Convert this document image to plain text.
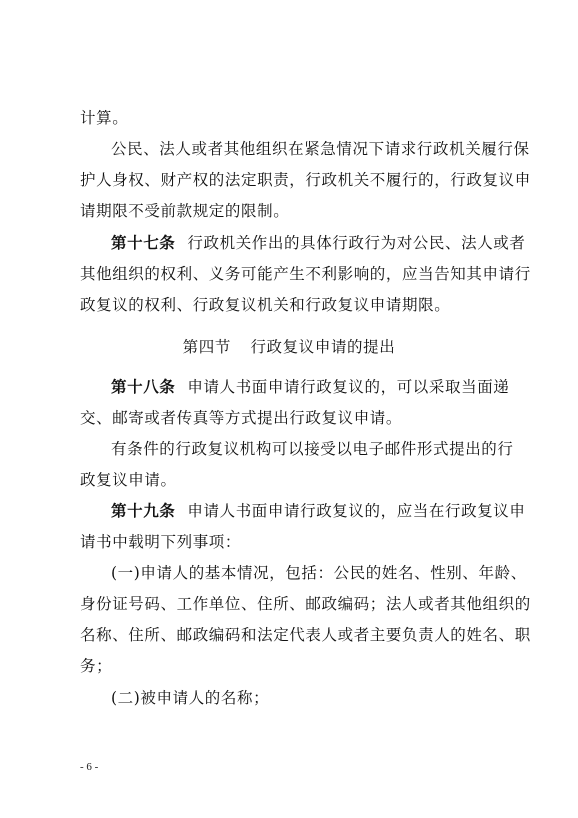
计算。
公民、法人或者其他组织在紧急情况下请求行政机关履行保
护人身权、财产权的法定职责，行政机关不履行的，行政复议申
请期限不受前款规定的限制。
第十七条 行政机关作出的具体行政行为对公民、法人或者
其他组织的权利、义务可能产生不利影响的，应当告知其申请行
政复议的权利、行政复议机关和行政复议申请期限。
第四节 行政复议申请的提出
第十八条 申请人书面申请行政复议的，可以采取当面递
交、邮寄或者传真等方式提出行政复议申请。
有条件的行政复议机构可以接受以电子邮件形式提出的行
政复议申请。
第十九条 申请人书面申请行政复议的，应当在行政复议申
请书中载明下列事项：
(一)申请人的基本情况，包括：公民的姓名、性别、年龄、
身份证号码、工作单位、住所、邮政编码；法人或者其他组织的
名称、住所、邮政编码和法定代表人或者主要负责人的姓名、职
务；
(二)被申请人的名称；
- 6 -
